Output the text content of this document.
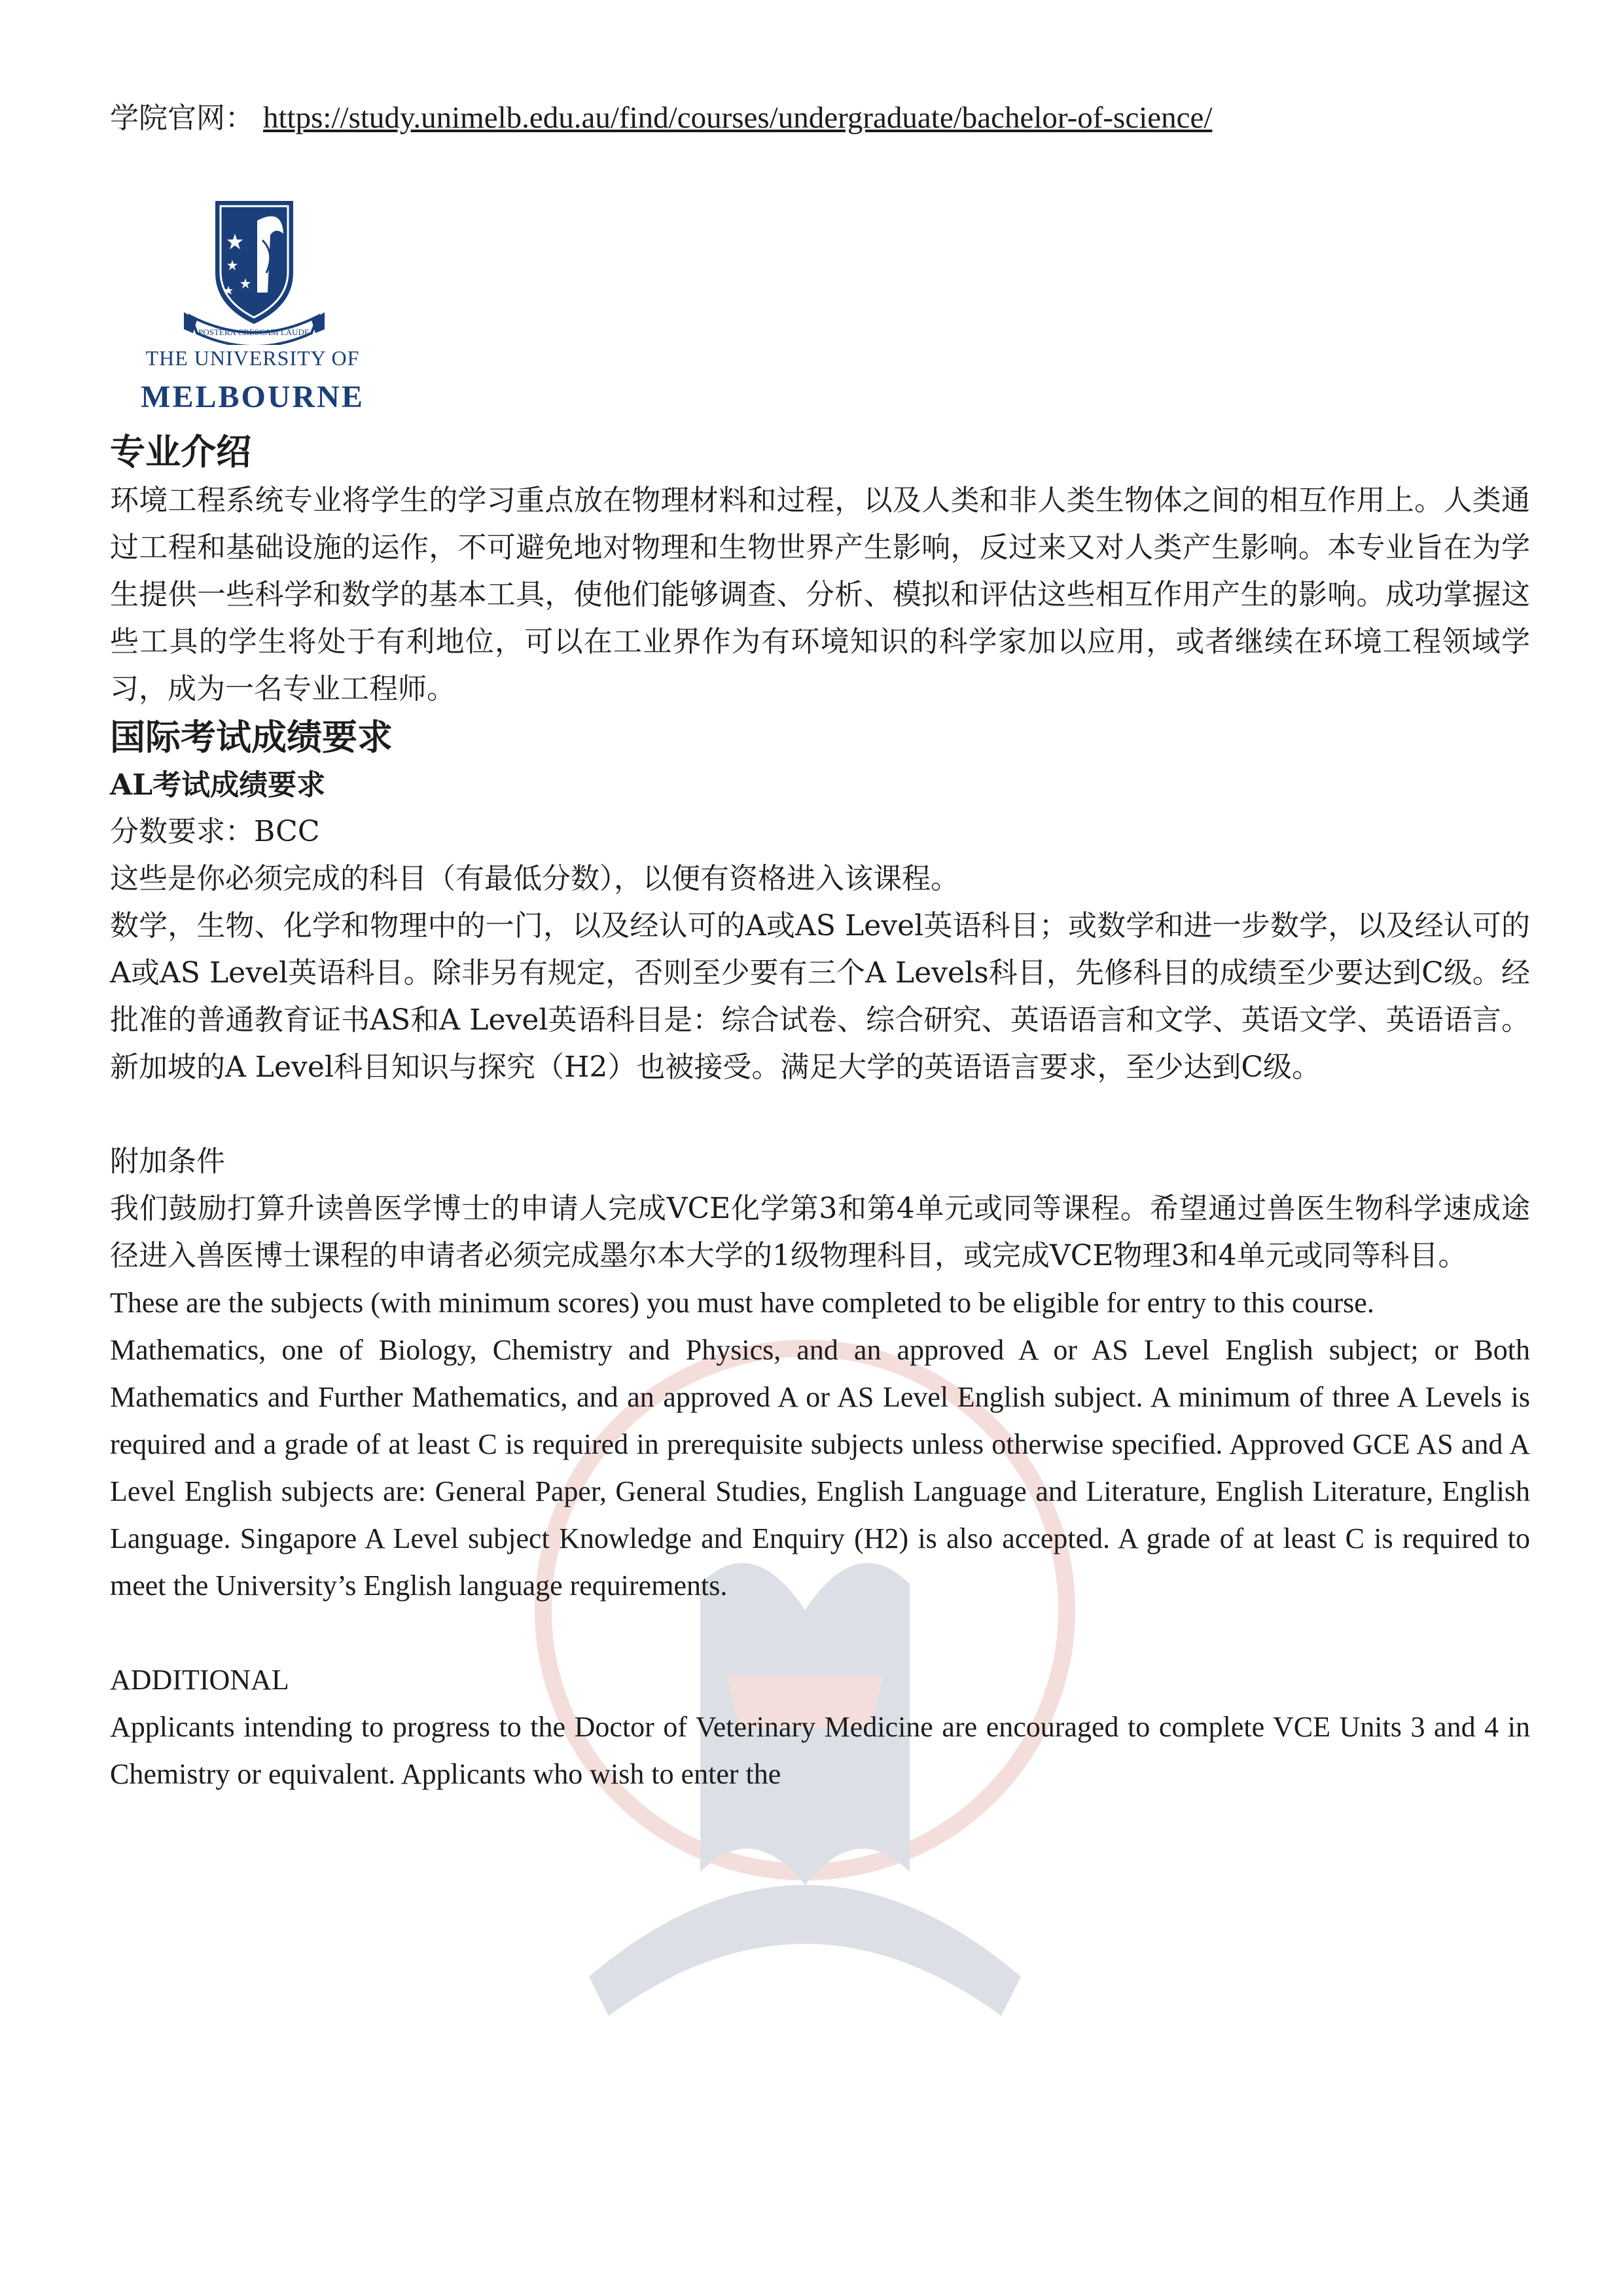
学院官网： https://study.unimelb.edu.au/find/courses/undergraduate/bachelor-of-science/
POSTERA CRESCAM LAUDE
THE UNIVERSITY OF
MELBOURNE
专业介绍

环境工程系统专业将学生的学习重点放在物理材料和过程，以及人类和非人类生物体之间的相互作用上。人类通过工程和基础设施的运作，不可避免地对物理和生物世界产生影响，反过来又对人类产生影响。本专业旨在为学生提供一些科学和数学的基本工具，使他们能够调查、分析、模拟和评估这些相互作用产生的影响。成功掌握这些工具的学生将处于有利地位，可以在工业界作为有环境知识的科学家加以应用，或者继续在环境工程领域学习，成为一名专业工程师。

国际考试成绩要求
AL考试成绩要求

分数要求：BCC

这些是你必须完成的科目（有最低分数），以便有资格进入该课程。

数学，生物、化学和物理中的一门，以及经认可的A或AS Level英语科目；或数学和进一步数学，以及经认可的A或AS Level英语科目。除非另有规定，否则至少要有三个A Levels科目，先修科目的成绩至少要达到C级。经批准的普通教育证书AS和A Level英语科目是：综合试卷、综合研究、英语语言和文学、英语文学、英语语言。新加坡的A Level科目知识与探究（H2）也被接受。满足大学的英语语言要求，至少达到C级。

附加条件

我们鼓励打算升读兽医学博士的申请人完成VCE化学第3和第4单元或同等课程。希望通过兽医生物科学速成途径进入兽医博士课程的申请者必须完成墨尔本大学的1级物理科目，或完成VCE物理3和4单元或同等科目。

These are the subjects (with minimum scores) you must have completed to be eligible for entry to this course.

Mathematics, one of Biology, Chemistry and Physics, and an approved A or AS Level English subject; or Both Mathematics and Further Mathematics, and an approved A or AS Level English subject. A minimum of three A Levels is required and a grade of at least C is required in prerequisite subjects unless otherwise specified. Approved GCE AS and A Level English subjects are: General Paper, General Studies, English Language and Literature, English Literature, English Language. Singapore A Level subject Knowledge and Enquiry (H2) is also accepted. A grade of at least C is required to meet the University’s English language requirements.

ADDITIONAL

Applicants intending to progress to the Doctor of Veterinary Medicine are encouraged to complete VCE Units 3 and 4 in Chemistry or equivalent. Applicants who wish to enter the
